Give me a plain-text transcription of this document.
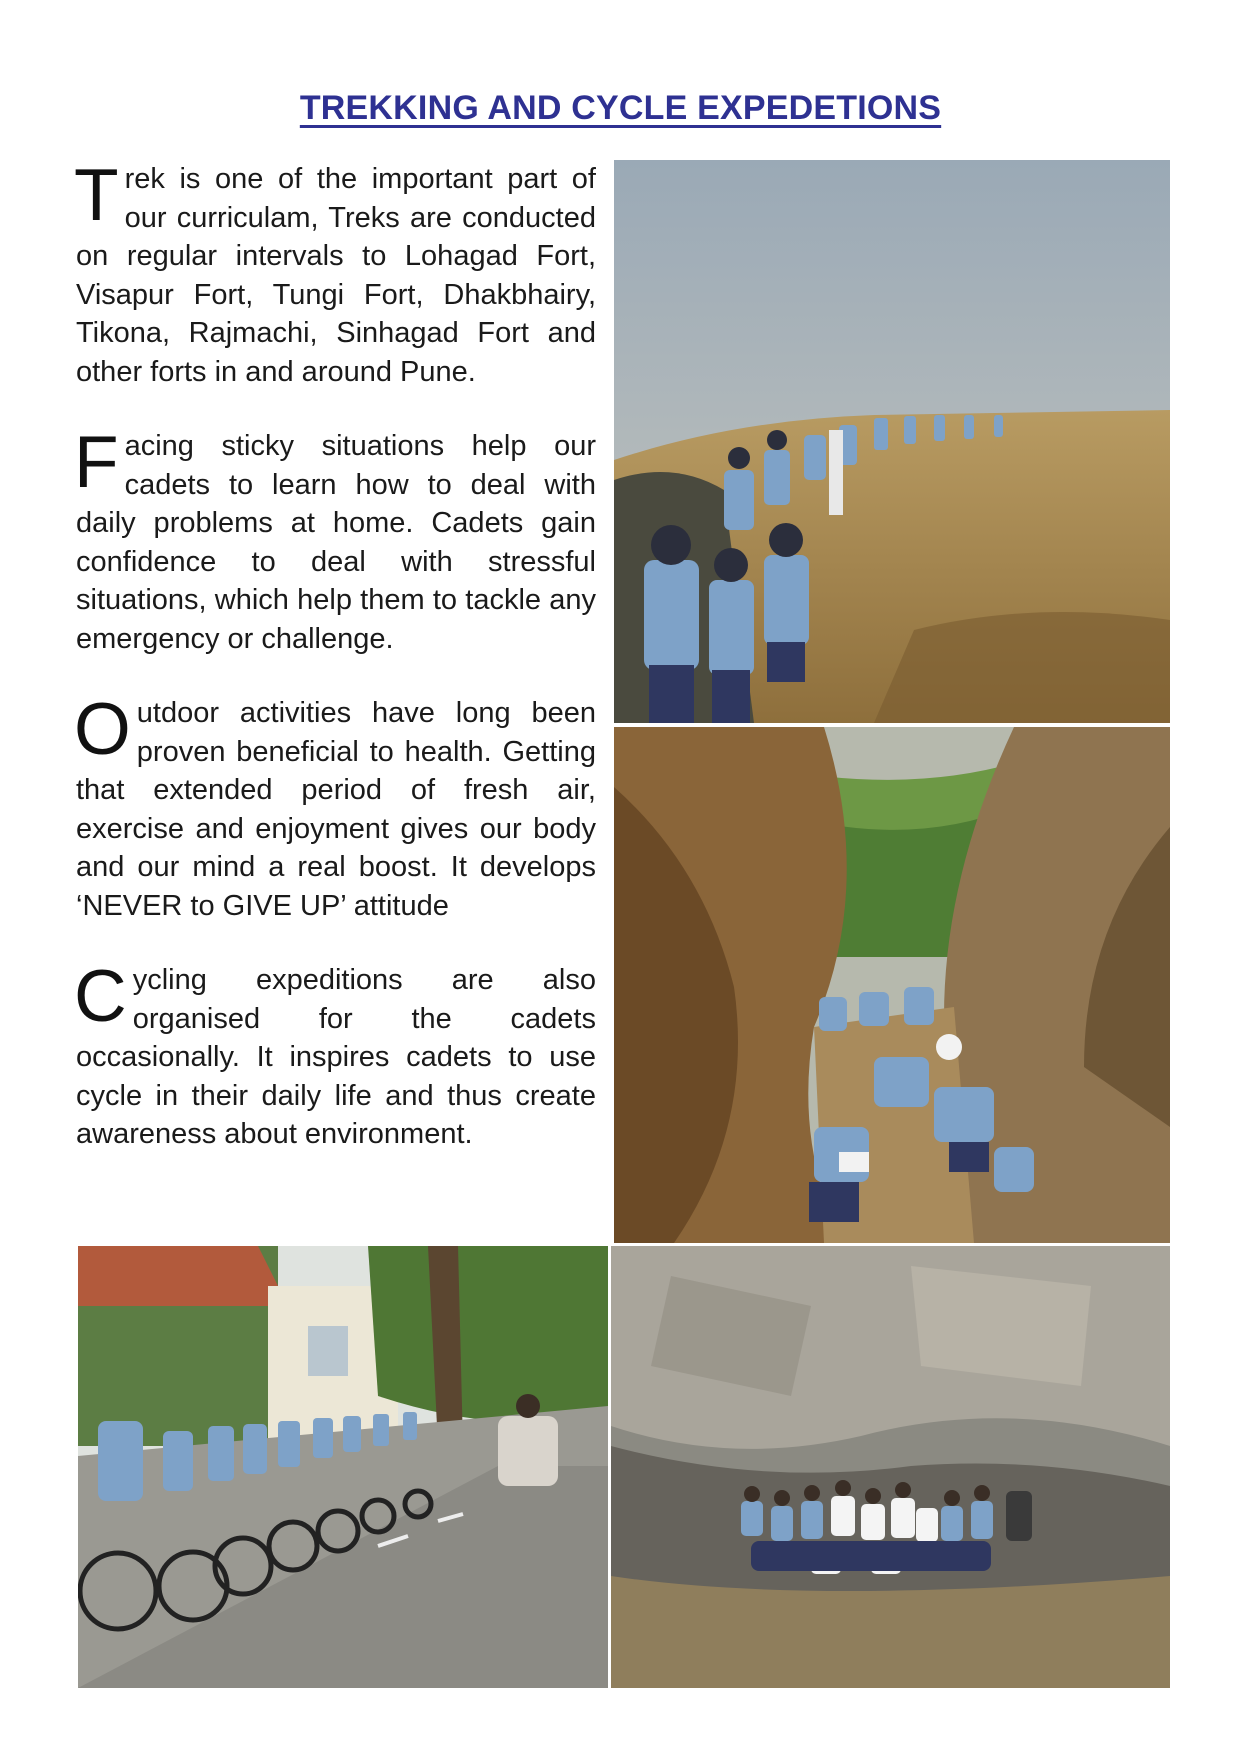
TREKKING AND CYCLE EXPEDETIONS

Trek is one of the important part of our curriculam, Treks are conducted on regular intervals to Lohagad Fort, Visapur Fort, Tungi Fort, Dhakbhairy, Tikona, Rajmachi, Sinhagad Fort and other forts in and around Pune.

Facing sticky situations help our cadets to learn how to deal with daily problems at home. Cadets gain confidence to deal with stressful situations, which help them to tackle any emergency or challenge.

Outdoor activities have long been proven beneficial to health. Getting that extended period of fresh air, exercise and enjoyment gives our body and our mind a real boost. It develops ‘NEVER to GIVE UP’ attitude

Cycling expeditions are also organised for the cadets occasionally. It inspires cadets to use cycle in their daily life and thus create awareness about environment.
